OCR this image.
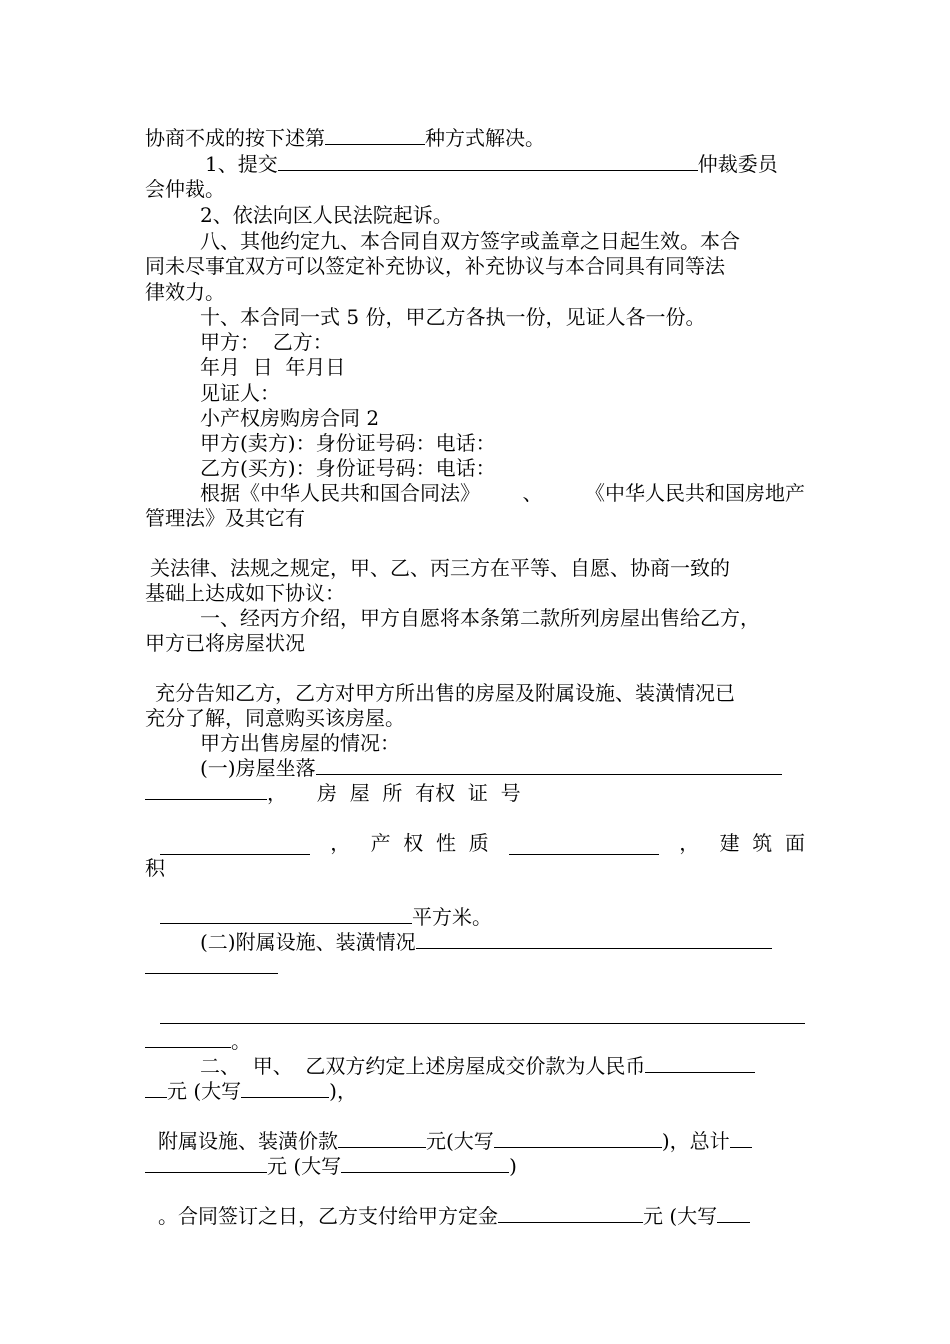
协商不成的按下述第	种方式解决。
1、提交	仲裁委员
会仲裁。
2、依法向区人民法院起诉。
八、其他约定九、本合同自双方签字或盖章之日起生效。本合
同未尽事宜双方可以签定补充协议，补充协议与本合同具有同等法
律效力。
十、本合同一式 5 份，甲乙方各执一份，见证人各一份。
甲方：  乙方：
年月  日  年月日
见证人：
小产权房购房合同 2
甲方(卖方)：身份证号码：电话：
乙方(买方)：身份证号码：电话：
根据《中华人民共和国合同法》 、 《中华人民共和国房地产
管理法》及其它有
关法律、法规之规定，甲、乙、丙三方在平等、自愿、协商一致的
基础上达成如下协议：
一、经丙方介绍，甲方自愿将本条第二款所列房屋出售给乙方，
甲方已将房屋状况
充分告知乙方，乙方对甲方所出售的房屋及附属设施、装潢情况已
充分了解，同意购买该房屋。
甲方出售房屋的情况：
(一)房屋坐落
， 房  屋  所  有权  证  号
， 产  权  性  质	， 建  筑  面
积
平方米。
(二)附属设施、装潢情况
。
二、  甲、  乙双方约定上述房屋成交价款为人民币
元 (大写	)，
附属设施、装潢价款	元(大写	)，总计
元 (大写	)
。合同签订之日，乙方支付给甲方定金	元 (大写
